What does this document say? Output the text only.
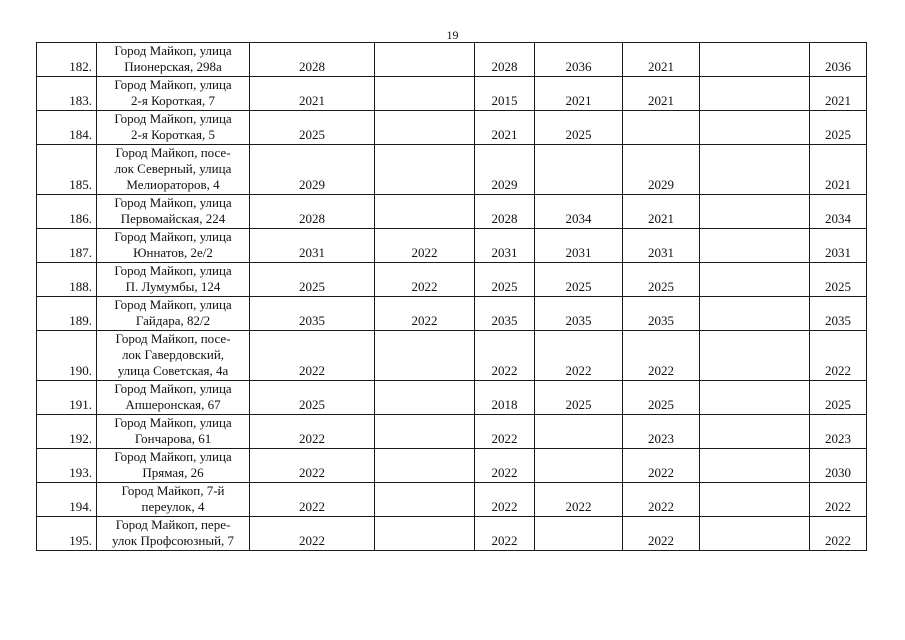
19
182.	Город Майкоп, улица
Пионерская, 298а	2028		2028	2036	2021		2036
183.	Город Майкоп, улица
2-я Короткая, 7	2021		2015	2021	2021		2021
184.	Город Майкоп, улица
2-я Короткая, 5	2025		2021	2025			2025
185.	Город Майкоп, посе-
лок Северный, улица
Мелиораторов, 4	2029		2029		2029		2021
186.	Город Майкоп, улица
Первомайская, 224	2028		2028	2034	2021		2034
187.	Город Майкоп, улица
Юннатов, 2е/2	2031	2022	2031	2031	2031		2031
188.	Город Майкоп, улица
П. Лумумбы, 124	2025	2022	2025	2025	2025		2025
189.	Город Майкоп, улица
Гайдара, 82/2	2035	2022	2035	2035	2035		2035
190.	Город Майкоп, посе-
лок Гавердовский,
улица Советская, 4а	2022		2022	2022	2022		2022
191.	Город Майкоп, улица
Апшеронская, 67	2025		2018	2025	2025		2025
192.	Город Майкоп, улица
Гончарова, 61	2022		2022		2023		2023
193.	Город Майкоп, улица
Прямая, 26	2022		2022		2022		2030
194.	Город Майкоп, 7-й
переулок, 4	2022		2022	2022	2022		2022
195.	Город Майкоп, пере-
улок Профсоюзный, 7	2022		2022		2022		2022
